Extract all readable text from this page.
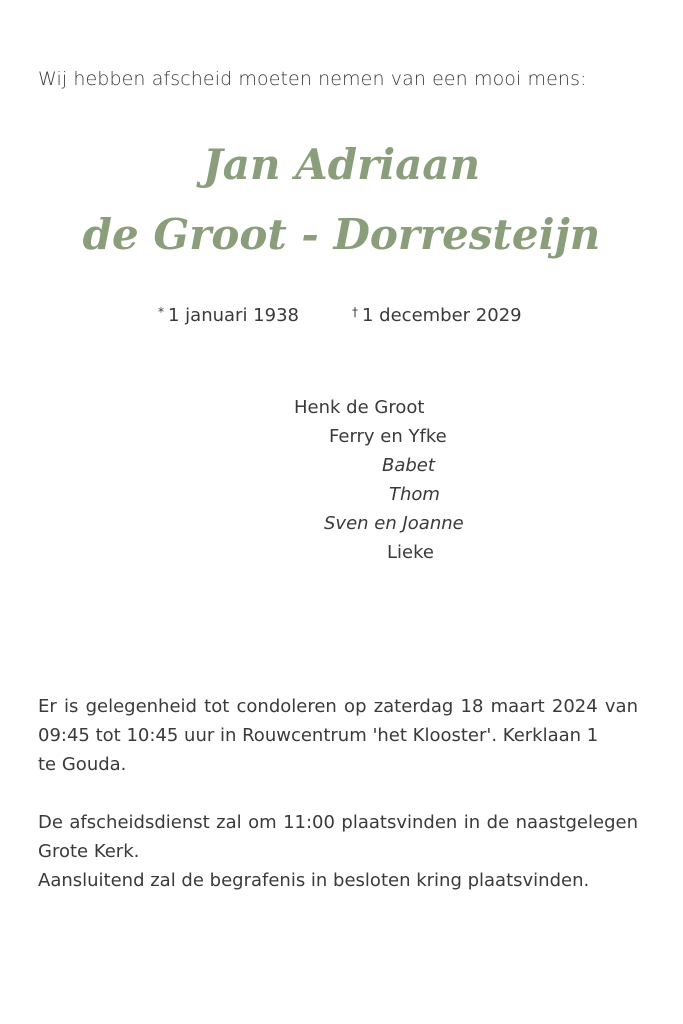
Wij hebben afscheid moeten nemen van een mooi mens:
Jan Adriaan
de Groot - Dorresteijn
* 1 januari 1938	† 1 december 2029
Henk de Groot
Ferry en Yfke
Babet
Thom
Sven en Joanne
Lieke
Er is gelegenheid tot condoleren op zaterdag 18 maart 2024 van
09:45 tot 10:45 uur in Rouwcentrum 'het Klooster'. Kerklaan 1
te Gouda.
De afscheidsdienst zal om 11:00 plaatsvinden in de naastgelegen
Grote Kerk.
Aansluitend zal de begrafenis in besloten kring plaatsvinden.
